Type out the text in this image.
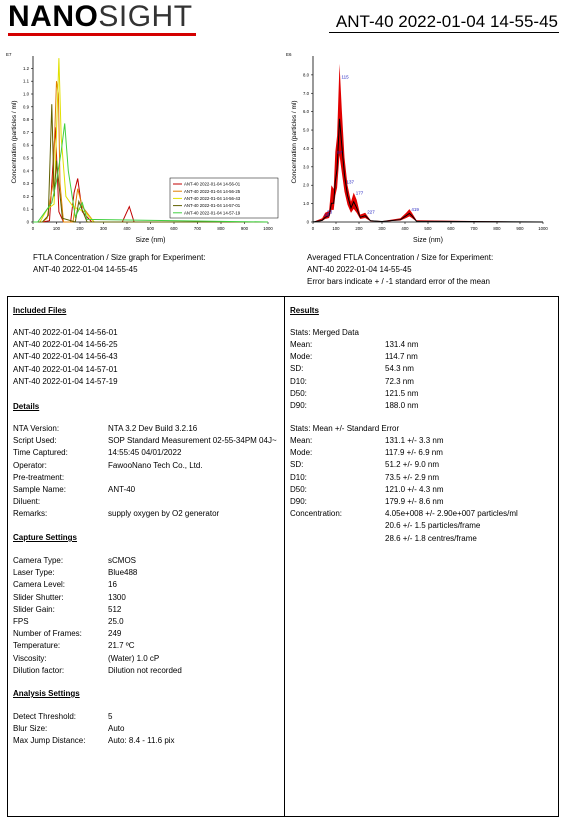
NANOSIGHT	ANT-40 2022-01-04 14-55-45
0	100	200	300	400	500	600	700	800	900	1000
0
0.1
0.2
0.3
0.4
0.5
0.6
0.7
0.8
0.9
1.0
1.1
1.2
Size (nm)
Concentration (particles / ml)
E7
ANT-40 2022-01-04 14-56-01
ANT-40 2022-01-04 14-56-25
ANT-40 2022-01-04 14-56-43
ANT-40 2022-01-04 14-57-01
ANT-40 2022-01-04 14-57-19
0	100	200	300	400	500	600	700	800	900	1000
0
1.0
2.0
3.0
4.0
5.0
6.0
7.0
8.0
Size (nm)
Concentration (particles / ml)
E6
115
97
137
177
227
419
40
53
FTLA Concentration / Size graph for Experiment:
ANT-40 2022-01-04 14-55-45
Averaged FTLA Concentration / Size for Experiment:
ANT-40 2022-01-04 14-55-45
Error bars indicate + / -1 standard error of the mean
Included Files
ANT-40 2022-01-04 14-56-01
ANT-40 2022-01-04 14-56-25
ANT-40 2022-01-04 14-56-43
ANT-40 2022-01-04 14-57-01
ANT-40 2022-01-04 14-57-19
Details
NTA Version:	NTA 3.2 Dev Build 3.2.16
Script Used:	SOP Standard Measurement 02-55-34PM 04J~
Time Captured:	14:55:45 04/01/2022
Operator:	FawooNano Tech Co., Ltd.
Pre-treatment:
Sample Name:	ANT-40
Diluent:
Remarks:	supply oxygen by O2 generator
Capture Settings
Camera Type:	sCMOS
Laser Type:	Blue488
Camera Level:	16
Slider Shutter:	1300
Slider Gain:	512
FPS	25.0
Number of Frames:	249
Temperature:	21.7 ºC
Viscosity:	(Water) 1.0 cP
Dilution factor:	Dilution not recorded
Analysis Settings
Detect Threshold:	5
Blur Size:	Auto
Max Jump Distance:	Auto: 8.4 - 11.6 pix
Results
Stats: Merged Data
Mean:	131.4 nm
Mode:	114.7 nm
SD:	54.3 nm
D10:	72.3 nm
D50:	121.5 nm
D90:	188.0 nm
Stats: Mean +/- Standard Error
Mean:	131.1 +/- 3.3 nm
Mode:	117.9 +/- 6.9 nm
SD:	51.2 +/- 9.0 nm
D10:	73.5 +/- 2.9 nm
D50:	121.0 +/- 4.3 nm
D90:	179.9 +/- 8.6 nm
Concentration:	4.05e+008 +/- 2.90e+007 particles/ml
20.6 +/- 1.5 particles/frame
28.6 +/- 1.8 centres/frame
